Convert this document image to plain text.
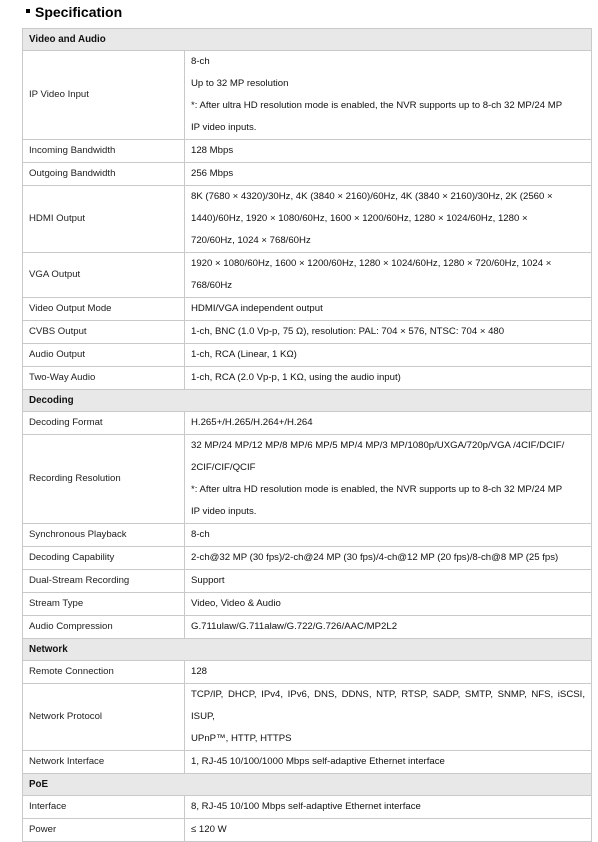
Specification
Video and Audio	
IP Video Input	8-ch
Up to 32 MP resolution
*: After ultra HD resolution mode is enabled, the NVR supports up to 8-ch 32 MP/24 MP
IP video inputs.

Incoming Bandwidth	128 Mbps

Outgoing Bandwidth	256 Mbps

HDMI Output	8K (7680 × 4320)/30Hz, 4K (3840 × 2160)/60Hz, 4K (3840 × 2160)/30Hz, 2K (2560 ×
1440)/60Hz, 1920 × 1080/60Hz, 1600 × 1200/60Hz, 1280 × 1024/60Hz, 1280 ×
720/60Hz, 1024 × 768/60Hz

VGA Output	1920 × 1080/60Hz, 1600 × 1200/60Hz, 1280 × 1024/60Hz, 1280 × 720/60Hz, 1024 ×
768/60Hz

Video Output Mode	HDMI/VGA independent output

CVBS Output	1-ch, BNC (1.0 Vp-p, 75 Ω), resolution: PAL: 704 × 576, NTSC: 704 × 480

Audio Output	1-ch, RCA (Linear, 1 KΩ)

Two-Way Audio	1-ch, RCA (2.0 Vp-p, 1 KΩ, using the audio input)

Decoding	
Decoding Format	H.265+/H.265/H.264+/H.264

Recording Resolution	32 MP/24 MP/12 MP/8 MP/6 MP/5 MP/4 MP/3 MP/1080p/UXGA/720p/VGA /4CIF/DCIF/
2CIF/CIF/QCIF
*: After ultra HD resolution mode is enabled, the NVR supports up to 8-ch 32 MP/24 MP
IP video inputs.

Synchronous Playback	8-ch

Decoding Capability	2-ch@32 MP (30 fps)/2-ch@24 MP (30 fps)/4-ch@12 MP (20 fps)/8-ch@8 MP (25 fps)

Dual-Stream Recording	Support

Stream Type	Video, Video & Audio

Audio Compression	G.711ulaw/G.711alaw/G.722/G.726/AAC/MP2L2

Network	
Remote Connection	128

Network Protocol	TCP/IP, DHCP, IPv4, IPv6, DNS, DDNS, NTP, RTSP, SADP, SMTP, SNMP, NFS, iSCSI, ISUP,
UPnP™, HTTP, HTTPS

Network Interface	1, RJ-45 10/100/1000 Mbps self-adaptive Ethernet interface

PoE	
Interface	8, RJ-45 10/100 Mbps self-adaptive Ethernet interface

Power	≤ 120 W
